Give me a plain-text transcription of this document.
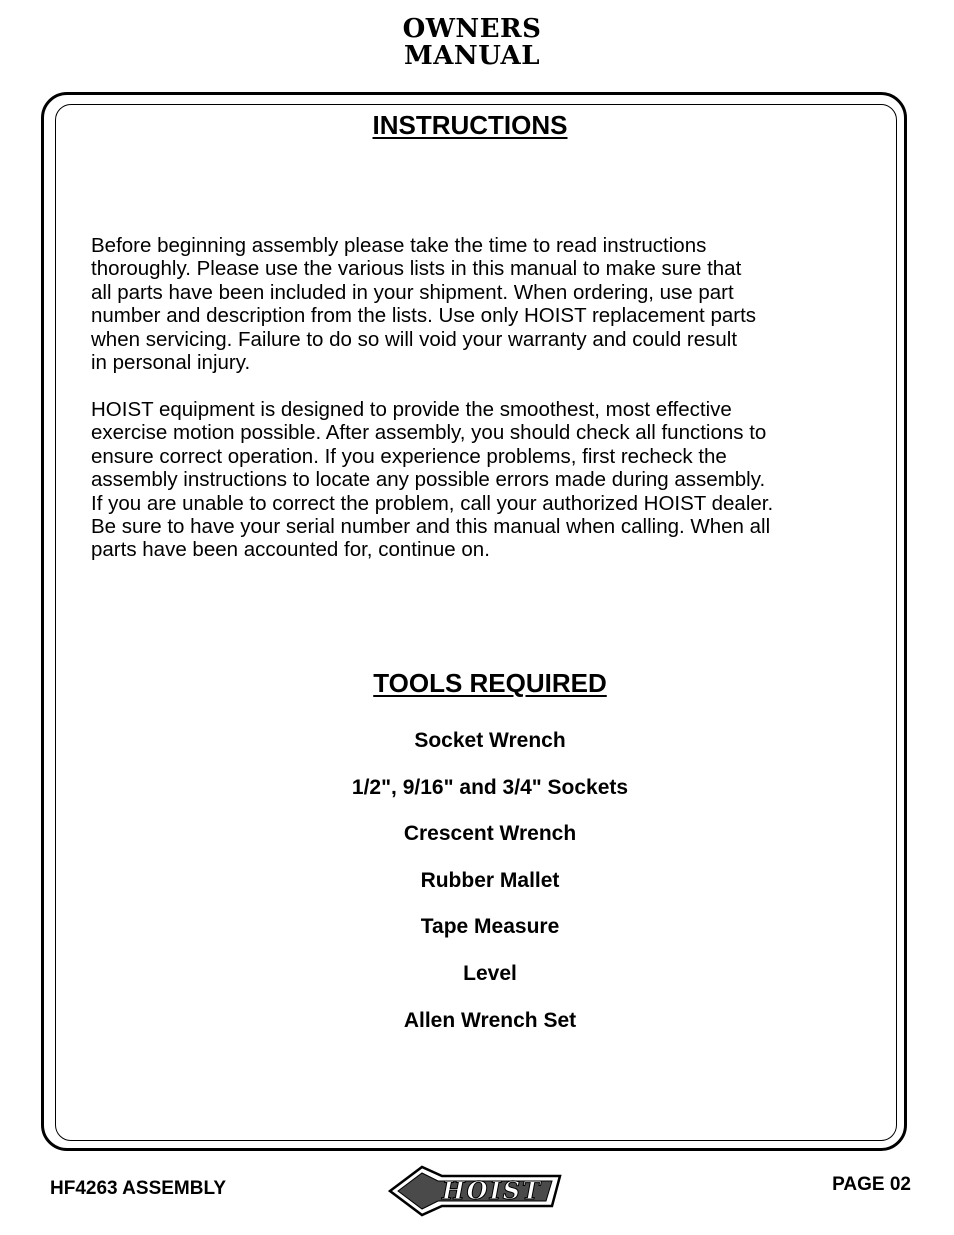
OWNERS
MANUAL
INSTRUCTIONS
Before beginning assembly please take the time to read instructions
thoroughly. Please use the various lists in this manual to make sure that
all parts have been included in your shipment. When ordering, use part
number and description from the lists. Use only HOIST replacement parts
when servicing. Failure to do so will void your warranty and could result
in personal injury.
HOIST equipment is designed to provide the smoothest, most effective
exercise motion possible. After assembly, you should check all functions to
ensure correct operation. If you experience problems, first recheck the
assembly instructions to locate any possible errors made during assembly.
If you are unable to correct the problem, call your authorized HOIST dealer.
Be sure to have your serial number and this manual when calling. When all
parts have been accounted for, continue on.
TOOLS REQUIRED
Socket Wrench
1/2", 9/16" and 3/4" Sockets
Crescent Wrench
Rubber Mallet
Tape Measure
Level
Allen Wrench Set
HF4263 ASSEMBLY	HOIST	PAGE 02
